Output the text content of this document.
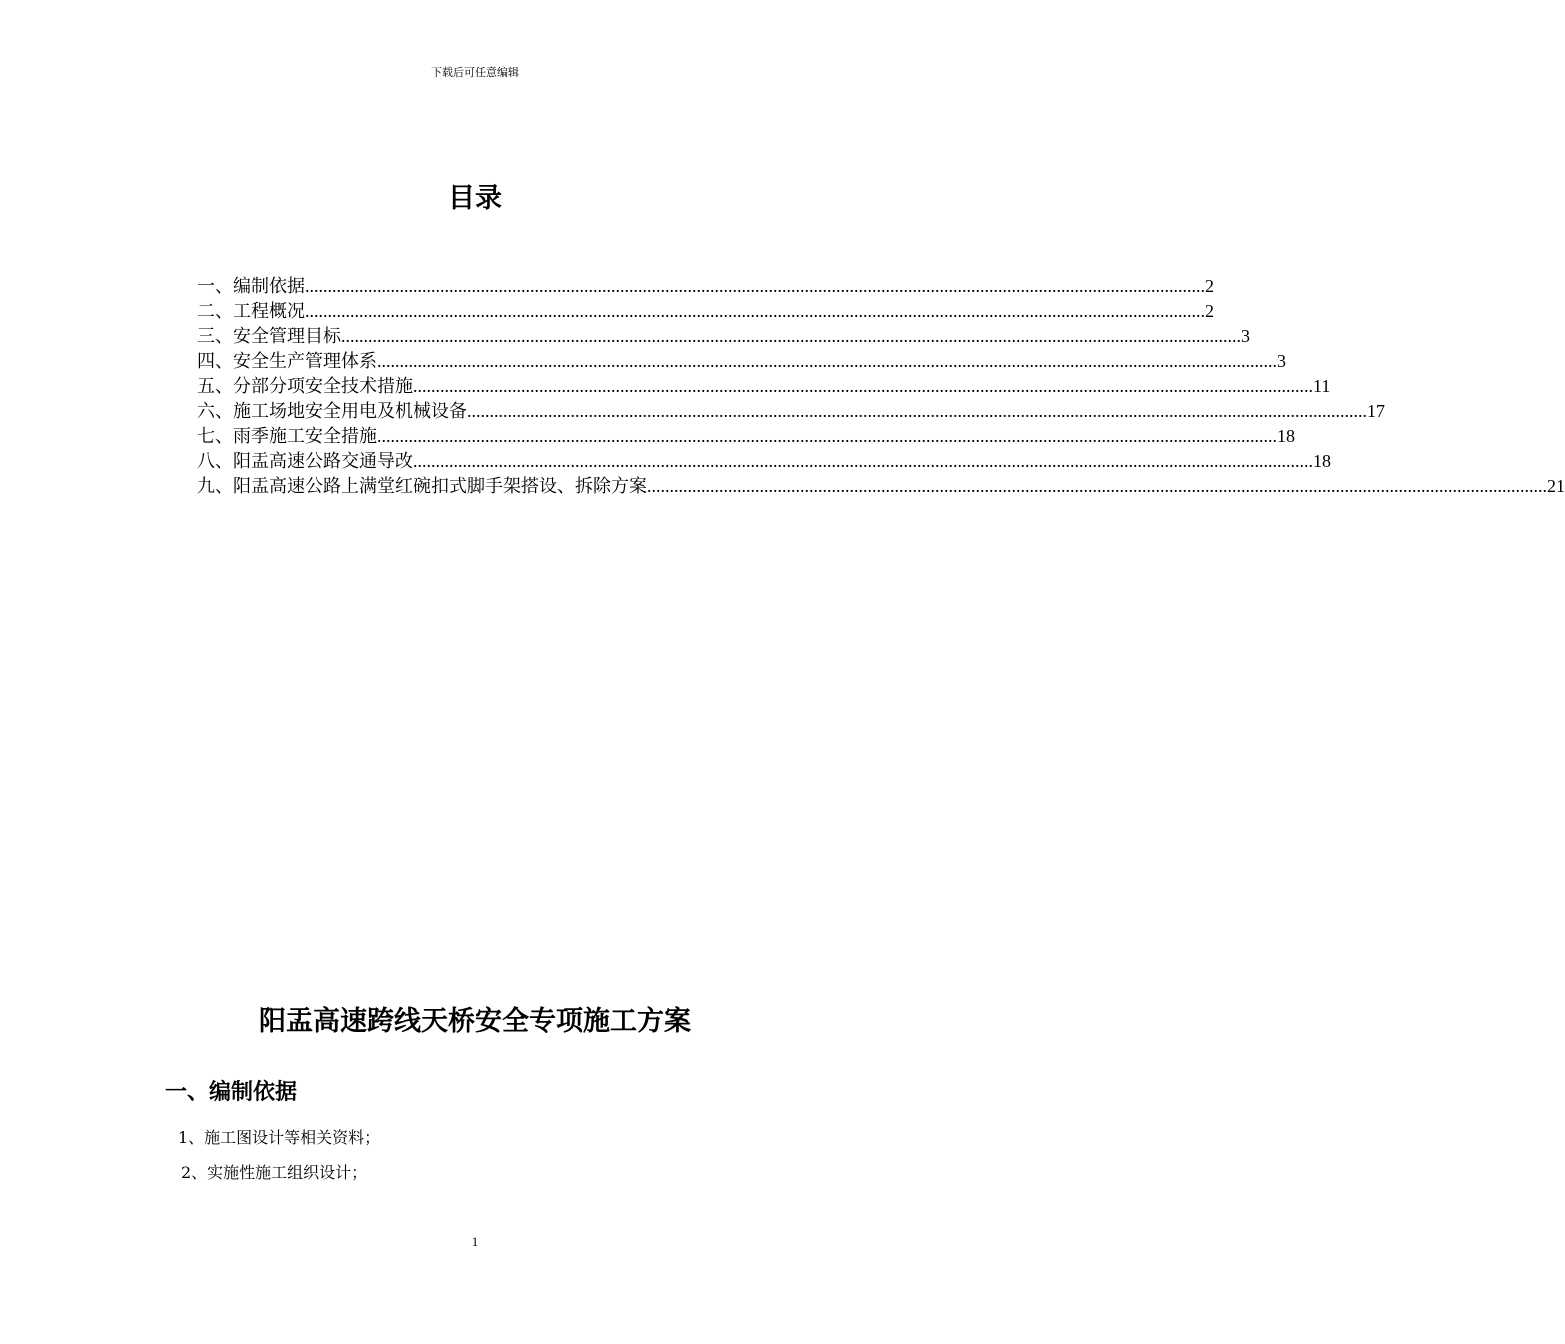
下载后可任意编辑
目录
一、编制依据 ........................................................................................................................................................................................................ 2
二、工程概况 ........................................................................................................................................................................................................ 2
三、安全管理目标 ........................................................................................................................................................................................................ 3
四、安全生产管理体系 ........................................................................................................................................................................................................ 3
五、分部分项安全技术措施 ........................................................................................................................................................................................................ 11
六、施工场地安全用电及机械设备 ........................................................................................................................................................................................................ 17
七、雨季施工安全措施 ........................................................................................................................................................................................................ 18
八、阳盂高速公路交通导改 ........................................................................................................................................................................................................ 18
九、阳盂高速公路上满堂红碗扣式脚手架搭设、拆除方案 ........................................................................................................................................................................................................ 21
阳盂高速跨线天桥安全专项施工方案
一、编制依据
1、施工图设计等相关资料；
2、实施性施工组织设计；
1
